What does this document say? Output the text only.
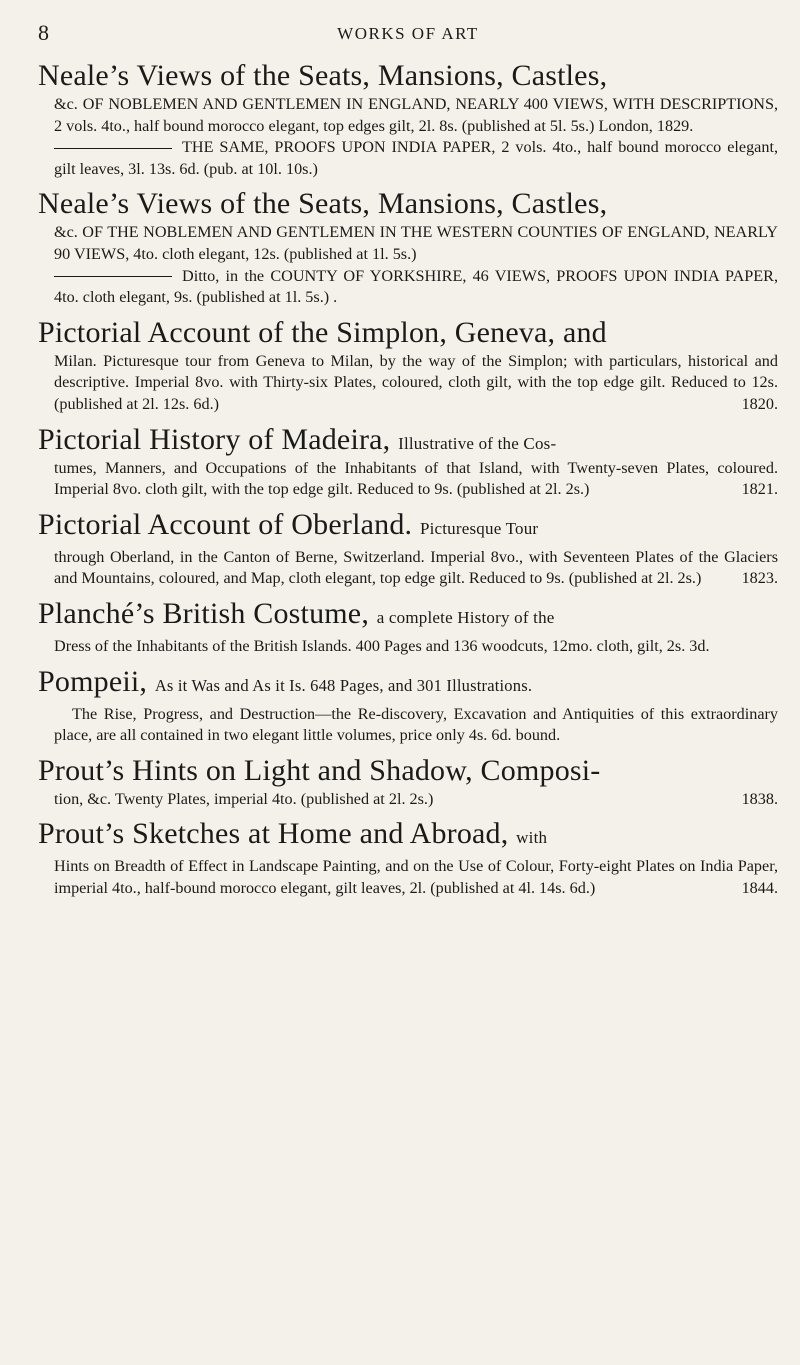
8	WORKS OF ART
Neale’s Views of the Seats, Mansions, Castles,
&c. OF NOBLEMEN AND GENTLEMEN IN ENGLAND, NEARLY 400 VIEWS, WITH DESCRIPTIONS, 2 vols. 4to., half bound morocco elegant, top edges gilt, 2l. 8s. (published at 5l. 5s.) London, 1829.
THE SAME, PROOFS UPON INDIA PAPER, 2 vols. 4to., half bound morocco elegant, gilt leaves, 3l. 13s. 6d. (pub. at 10l. 10s.)
Neale’s Views of the Seats, Mansions, Castles,
&c. OF THE NOBLEMEN AND GENTLEMEN IN THE WESTERN COUNTIES OF ENGLAND, NEARLY 90 VIEWS, 4to. cloth elegant, 12s. (published at 1l. 5s.)
Ditto, in the COUNTY OF YORKSHIRE, 46 VIEWS, PROOFS UPON INDIA PAPER, 4to. cloth elegant, 9s. (published at 1l. 5s.) .
Pictorial Account of the Simplon, Geneva, and
Milan. Picturesque tour from Geneva to Milan, by the way of the Simplon; with particulars, historical and descriptive. Imperial 8vo. with Thirty-six Plates, coloured, cloth gilt, with the top edge gilt. Reduced to 12s. (published at 2l. 12s. 6d.)	1820.
Pictorial History of Madeira, Illustrative of the Cos-
tumes, Manners, and Occupations of the Inhabitants of that Island, with Twenty-seven Plates, coloured. Imperial 8vo. cloth gilt, with the top edge gilt. Reduced to 9s. (published at 2l. 2s.)	1821.
Pictorial Account of Oberland. Picturesque Tour
through Oberland, in the Canton of Berne, Switzerland. Imperial 8vo., with Seventeen Plates of the Glaciers and Mountains, coloured, and Map, cloth elegant, top edge gilt. Reduced to 9s. (published at 2l. 2s.) 1823.
Planché’s British Costume, a complete History of the
Dress of the Inhabitants of the British Islands. 400 Pages and 136 woodcuts, 12mo. cloth, gilt, 2s. 3d.
Pompeii, As it Was and As it Is. 648 Pages, and 301 Illustrations.
The Rise, Progress, and Destruction—the Re-discovery, Excavation and Antiquities of this extraordinary place, are all contained in two elegant little volumes, price only 4s. 6d. bound.
Prout’s Hints on Light and Shadow, Composi-
tion, &c. Twenty Plates, imperial 4to. (published at 2l. 2s.)	1838.
Prout’s Sketches at Home and Abroad, with
Hints on Breadth of Effect in Landscape Painting, and on the Use of Colour, Forty-eight Plates on India Paper, imperial 4to., half-bound morocco elegant, gilt leaves, 2l. (published at 4l. 14s. 6d.)	1844.
